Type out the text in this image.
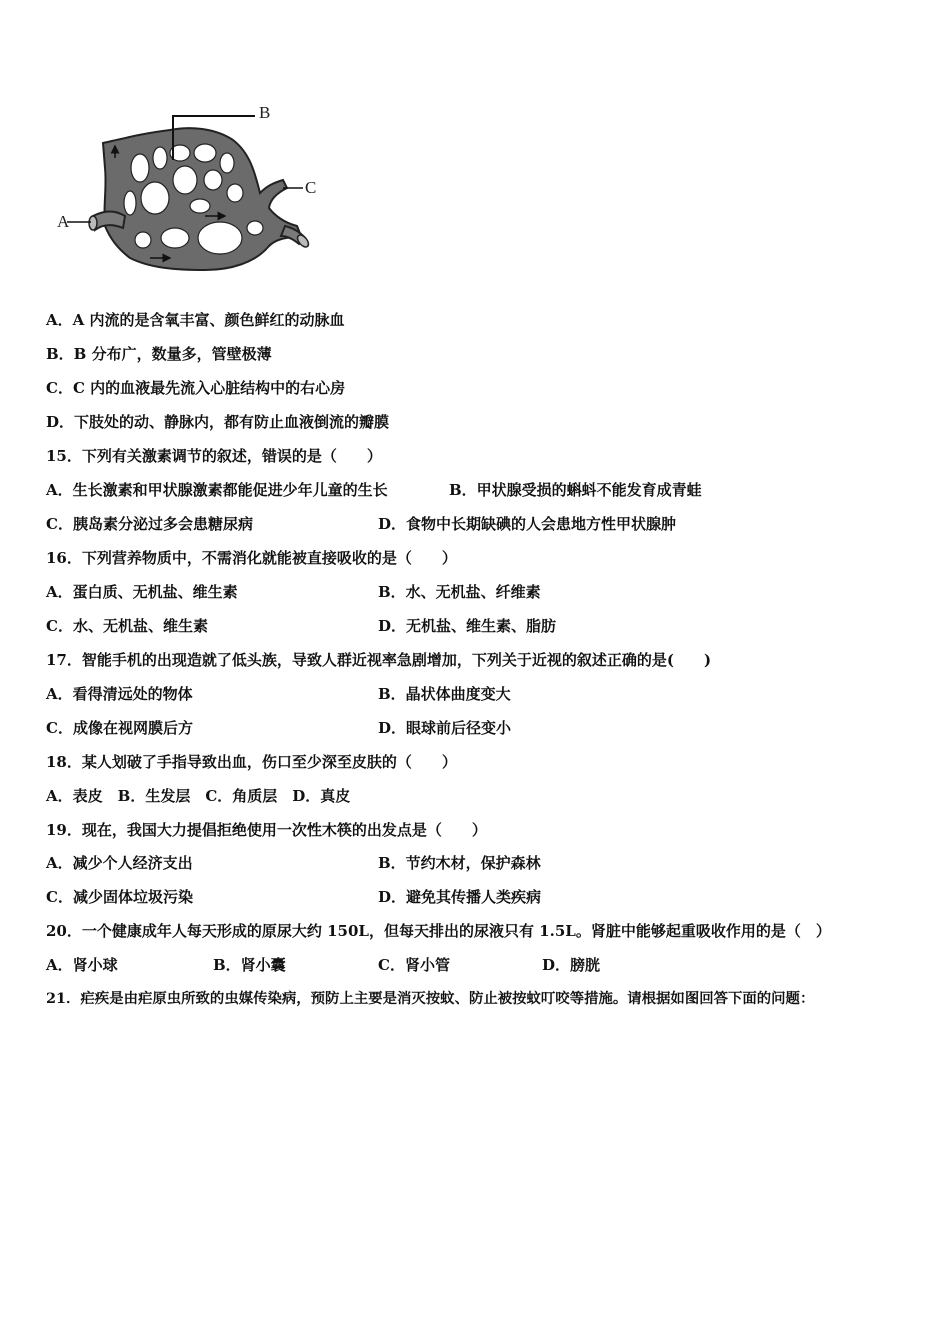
B
A
C
A．A 内流的是含氧丰富、颜色鲜红的动脉血
B．B 分布广，数量多，管壁极薄
C．C 内的血液最先流入心脏结构中的右心房
D．下肢处的动、静脉内，都有防止血液倒流的瓣膜
15．下列有关激素调节的叙述，错误的是（　　）
A．生长激素和甲状腺激素都能促进少年儿童的生长	B．甲状腺受损的蝌蚪不能发育成青蛙
C．胰岛素分泌过多会患糖尿病	D．食物中长期缺碘的人会患地方性甲状腺肿
16．下列营养物质中，不需消化就能被直接吸收的是（　　）
A．蛋白质、无机盐、维生素	B．水、无机盐、纤维素
C．水、无机盐、维生素	D．无机盐、维生素、脂肪
17．智能手机的出现造就了低头族，导致人群近视率急剧增加，下列关于近视的叙述正确的是(　　)
A．看得清远处的物体	B．晶状体曲度变大
C．成像在视网膜后方	D．眼球前后径变小
18．某人划破了手指导致出血，伤口至少深至皮肤的（　　）
A．表皮　B．生发层　C．角质层　D．真皮
19．现在，我国大力提倡拒绝使用一次性木筷的出发点是（　　）
A．减少个人经济支出	B．节约木材，保护森林
C．减少固体垃圾污染	D．避免其传播人类疾病
20．一个健康成年人每天形成的原尿大约 150L，但每天排出的尿液只有 1.5L。肾脏中能够起重吸收作用的是（　）
A．肾小球	B．肾小囊	C．肾小管	D．膀胱
21．疟疾是由疟原虫所致的虫媒传染病，预防上主要是消灭按蚊、防止被按蚊叮咬等措施。请根据如图回答下面的问题：
